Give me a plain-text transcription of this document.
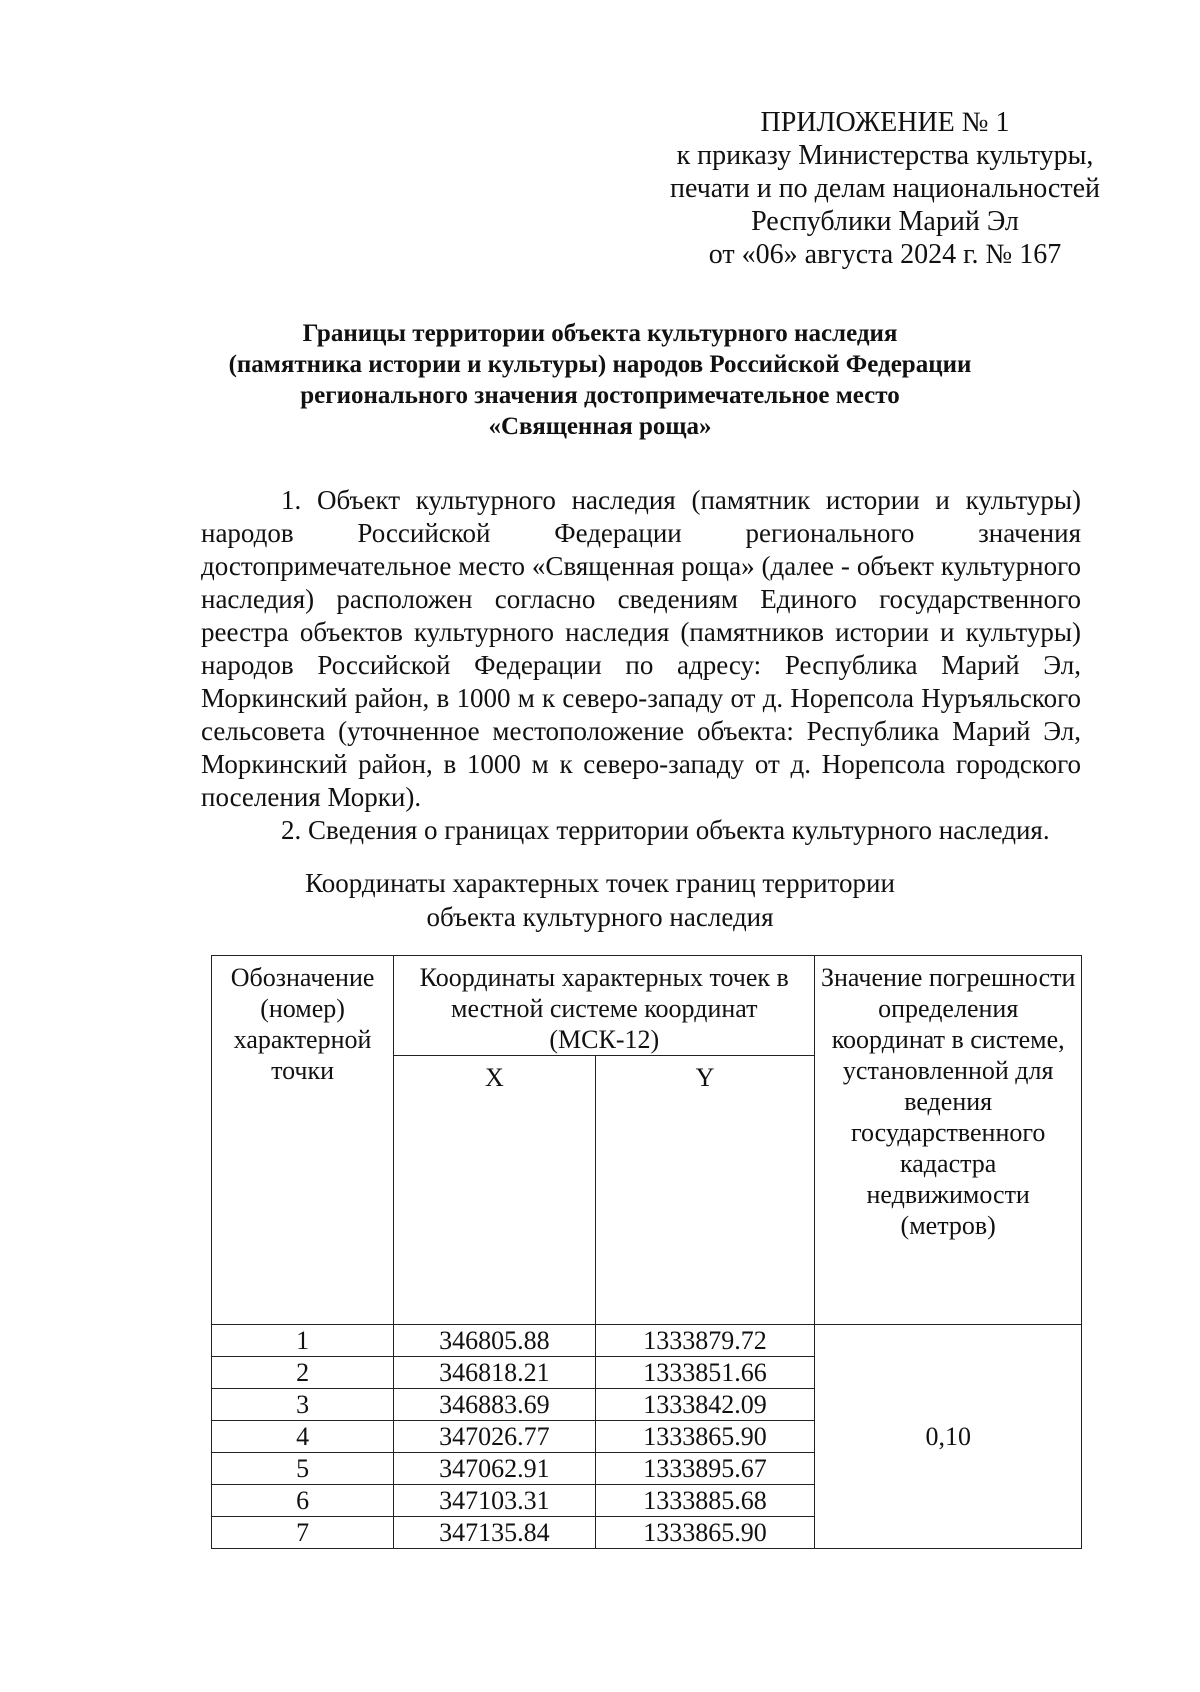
ПРИЛОЖЕНИЕ № 1
к приказу Министерства культуры,
печати и по делам национальностей
Республики Марий Эл
от «06» августа 2024 г. № 167
Границы территории объекта культурного наследия
(памятника истории и культуры) народов Российской Федерации
регионального значения достопримечательное место
«Священная роща»

1. Объект культурного наследия (памятник истории и культуры) народов Российской Федерации регионального значения достопримечательное место «Священная роща» (далее - объект культурного наследия) расположен согласно сведениям Единого государственного реестра объектов культурного наследия (памятников истории и культуры) народов Российской Федерации по адресу: Республика Марий Эл, Моркинский район, в 1000 м к северо-западу от д. Норепсола Нуръяльского сельсовета (уточненное местоположение объекта: Республика Марий Эл, Моркинский район, в 1000 м к северо-западу от д. Норепсола городского поселения Морки).

2. Сведения о границах территории объекта культурного наследия.

Координаты характерных точек границ территории
объекта культурного наследия
Обозначение (номер) характерной точки	Координаты характерных точек в местной системе координат (МСК-12)		Значение погрешности определения координат в системе, установленной для ведения государственного кадастра недвижимости (метров)
	X	Y	
1	346805.88	1333879.72	0,10
2	346818.21	1333851.66	
3	346883.69	1333842.09	
4	347026.77	1333865.90	
5	347062.91	1333895.67	
6	347103.31	1333885.68	
7	347135.84	1333865.90	
